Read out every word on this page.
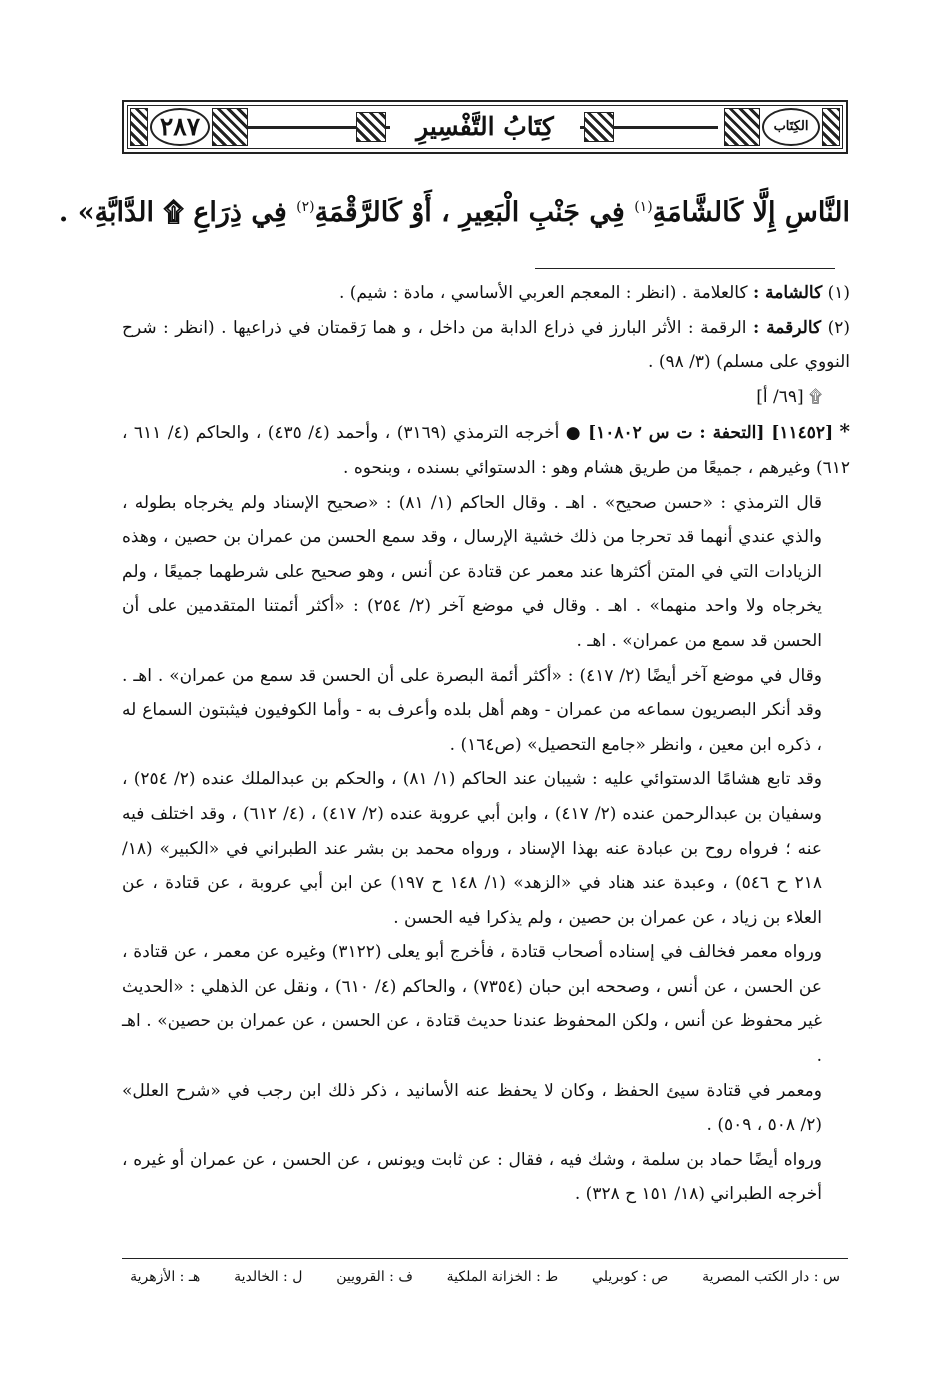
٢٨٧	كِتَابُ التَّفْسِيرِ	الكِتَاب
النَّاسِ إِلَّا كَالشَّامَةِ$^{(١)}$ فِي جَنْبِ الْبَعِيرِ ، أَوْ كَالرَّقْمَةِ$^{(٢)}$ فِي ذِرَاعِ ۩ الدَّابَّةِ» .

(١) كالشامة : كالعلامة . (انظر : المعجم العربي الأساسي ، مادة : شيم) .

(٢) كالرقمة : الرقمة : الأثر البارز في ذراع الدابة من داخل ، و هما رَقمتان في ذراعيها . (انظر : شرح النووي على مسلم) (٣/ ٩٨) .

۩ [٦٩/ أ]

* [١١٤٥٢] [التحفة : ت س ١٠٨٠٢] ● أخرجه الترمذي (٣١٦٩) ، وأحمد (٤/ ٤٣٥) ، والحاكم (٤/ ٦١١ ، ٦١٢) وغيرهم ، جميعًا من طريق هشام وهو : الدستوائي بسنده ، وبنحوه .

قال الترمذي : «حسن صحيح» . اهـ . وقال الحاكم (١/ ٨١) : «صحيح الإسناد ولم يخرجاه بطوله ، والذي عندي أنهما قد تحرجا من ذلك خشية الإرسال ، وقد سمع الحسن من عمران بن حصين ، وهذه الزيادات التي في المتن أكثرها عند معمر عن قتادة عن أنس ، وهو صحيح على شرطهما جميعًا ، ولم يخرجاه ولا واحد منهما» . اهـ . وقال في موضع آخر (٢/ ٢٥٤) : «أكثر أئمتنا المتقدمين على أن الحسن قد سمع من عمران» . اهـ .

وقال في موضع آخر أيضًا (٢/ ٤١٧) : «أكثر أئمة البصرة على أن الحسن قد سمع من عمران» . اهـ . وقد أنكر البصريون سماعه من عمران - وهم أهل بلده وأعرف به - وأما الكوفيون فيثبتون السماع له ، ذكره ابن معين ، وانظر «جامع التحصيل» (ص١٦٤) .

وقد تابع هشامًا الدستوائي عليه : شيبان عند الحاكم (١/ ٨١) ، والحكم بن عبدالملك عنده (٢/ ٢٥٤) ، وسفيان بن عبدالرحمن عنده (٢/ ٤١٧) ، وابن أبي عروبة عنده (٢/ ٤١٧) ، (٤/ ٦١٢) ، وقد اختلف فيه عنه ؛ فرواه روح بن عبادة عنه بهذا الإسناد ، ورواه محمد بن بشر عند الطبراني في «الكبير» (١٨/ ٢١٨ ح ٥٤٦) ، وعبدة عند هناد في «الزهد» (١/ ١٤٨ ح ١٩٧) عن ابن أبي عروبة ، عن قتادة ، عن العلاء بن زياد ، عن عمران بن حصين ، ولم يذكرا فيه الحسن .

ورواه معمر فخالف في إسناده أصحاب قتادة ، فأخرج أبو يعلى (٣١٢٢) وغيره عن معمر ، عن قتادة ، عن الحسن ، عن أنس ، وصححه ابن حبان (٧٣٥٤) ، والحاكم (٤/ ٦١٠) ، ونقل عن الذهلي : «الحديث غير محفوظ عن أنس ، ولكن المحفوظ عندنا حديث قتادة ، عن الحسن ، عن عمران بن حصين» . اهـ .

ومعمر في قتادة سيئ الحفظ ، وكان لا يحفظ عنه الأسانيد ، ذكر ذلك ابن رجب في «شرح العلل» (٢/ ٥٠٨ ، ٥٠٩) .

ورواه أيضًا حماد بن سلمة ، وشك فيه ، فقال : عن ثابت ويونس ، عن الحسن ، عن عمران أو غيره ، أخرجه الطبراني (١٨/ ١٥١ ح ٣٢٨) .

س : دار الكتب المصرية
ص : كوبريلي
ط : الخزانة الملكية
ف : القرويين
ل : الخالدية
هـ : الأزهرية
